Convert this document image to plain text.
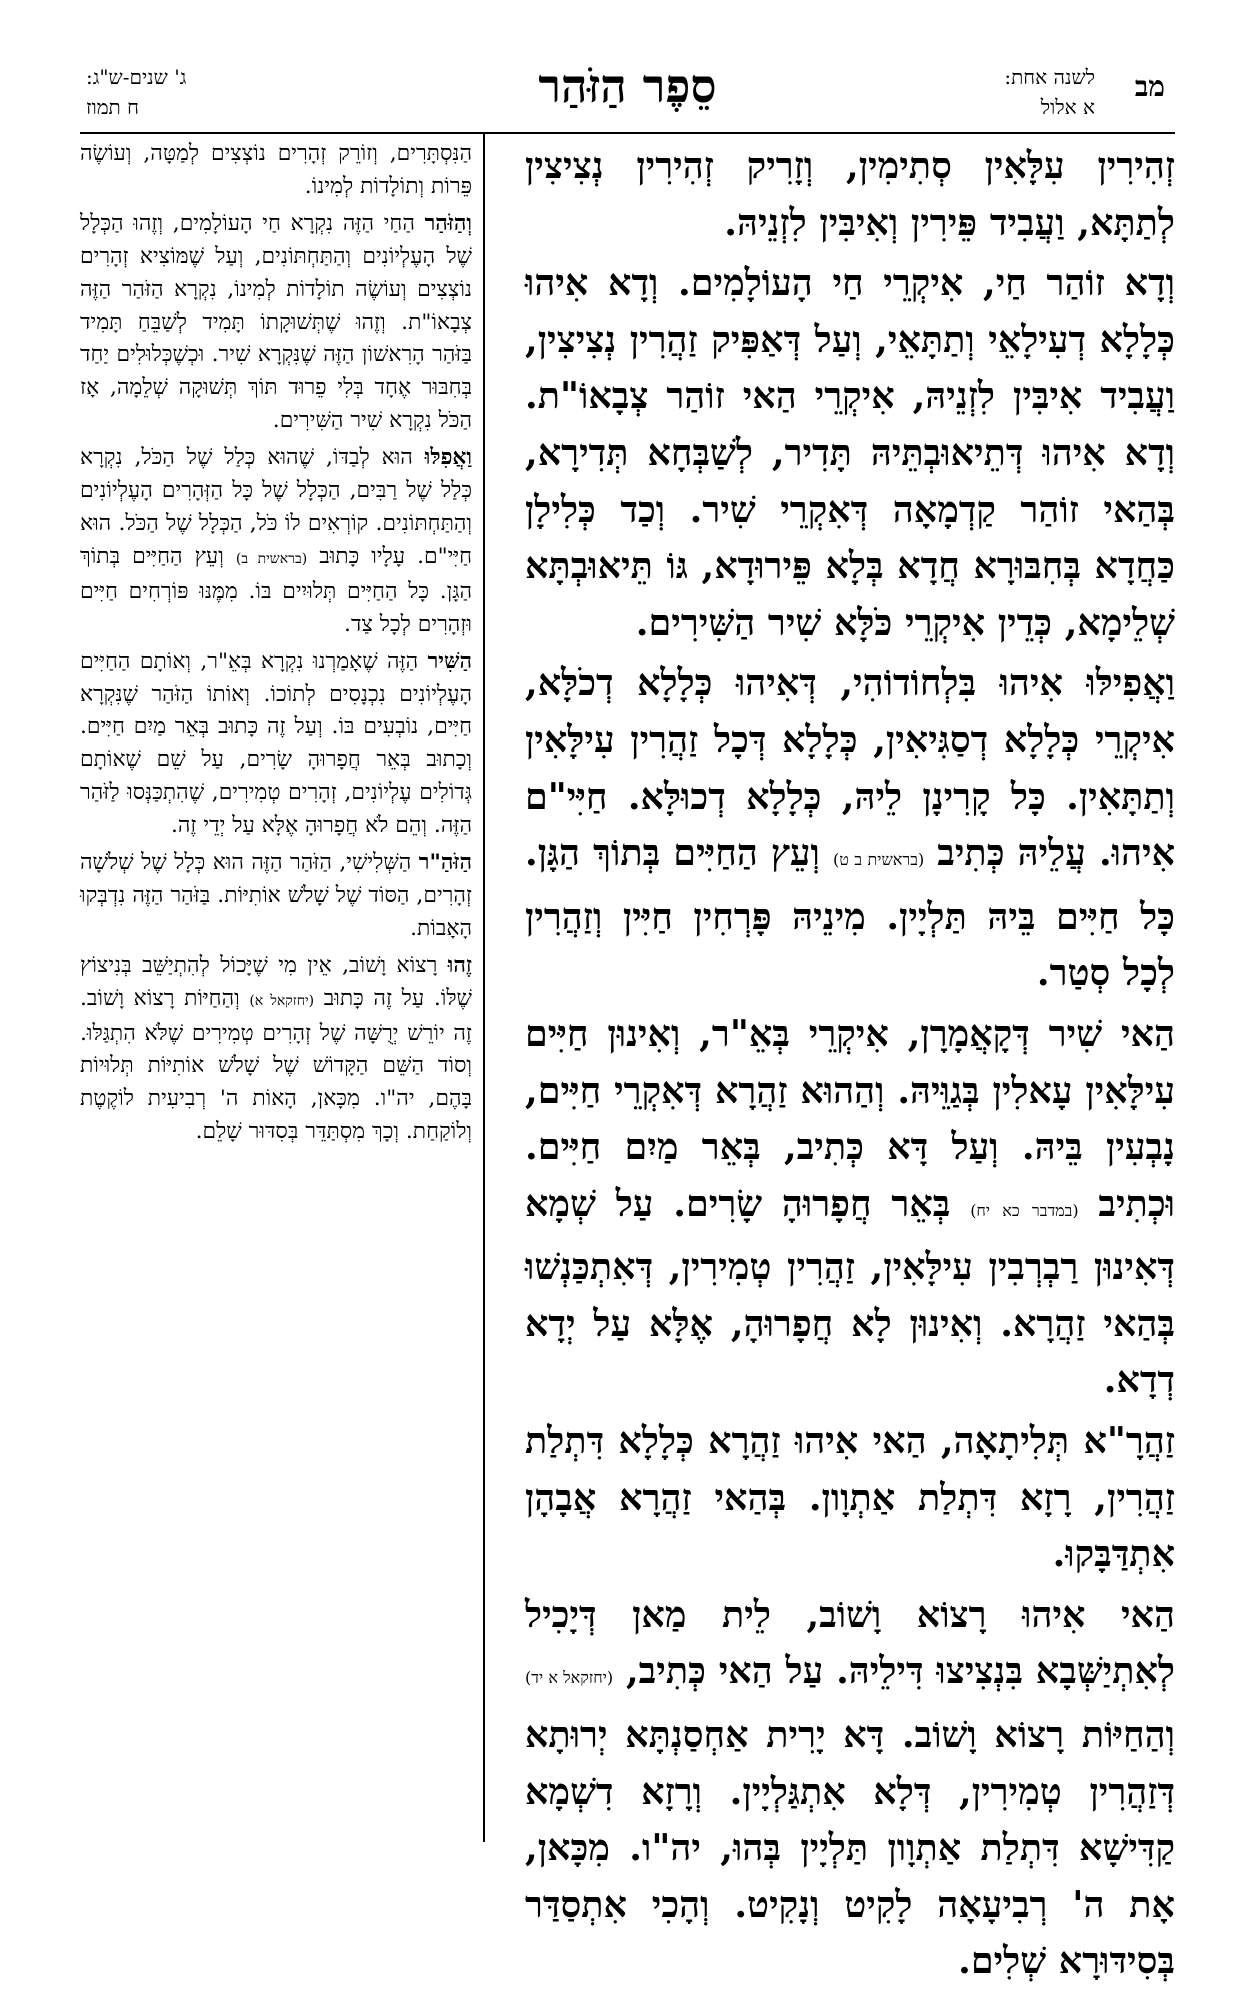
מב
לשנה אחת:
א אלול
סֵפֶר הַזֹּהַר
ג' שנים-ש"ג:
ח תמוז

זְהִירִין עִלָּאִין סְתִימִין, וְזָרִיק זְהִירִין נְצִיצִין לְתַתָּא, וַעֲבִיד פֵּירִין וְאִיבִּין לִזְנֵיהּ.

וְדָא זוֹהַר חַי, אִיקְרֵי חַי הָעוֹלָמִים. וְדָא אִיהוּ כְּלָלָא דְעִילָאֵי וְתַתָּאֵי, וְעַל דְּאַפִּיק זַהֲרִין נְצִיצִין, וַעֲבִיד אִיבִּין לִזְנֵיהּ, אִיקְרֵי הַאי זוֹהַר צְבָאוֹ"ת. וְדָא אִיהוּ דְּתֵיאוּבְתֵּיהּ תָּדִיר, לְשַׁבְּחָא תְּדִירָא, בְּהַאי זוֹהַר קַדְמָאָה דְּאִקְרֵי שִׁיר. וְכַד כְּלִילָן כַּחֲדָא בְּחִבּוּרָא חֲדָא בְּלָא פֵּירוּדָא, גּוֹ תֵּיאוּבְתָּא שְׁלֵימָא, כְּדֵין אִיקְרֵי כֹּלָּא שִׁיר הַשִּׁירִים.

וַאֲפִילּוּ אִיהוּ בִּלְחוֹדוֹהִי, דְּאִיהוּ כְּלָלָא דְכֹלָּא, אִיקְרֵי כְּלָלָא דְסַגִּיאִין, כְּלָלָא דְּכָל זַהֲרִין עִילָּאִין וְתַתָּאִין. כָּל קָרִינָן לֵיהּ, כְּלָלָא דְכוּלָּא. חַיִּי"ם אִיהוּ. עֲלֵיהּ כְּתִיב (בראשית ב ט) וְעֵץ הַחַיִּים בְּתוֹךְ הַגָּן. כָּל חַיִּים בֵּיהּ תַּלְיָין. מִינֵיהּ פָּרְחִין חַיִּין וְזַהֲרִין לְכָל סְטַר.

הַאי שִׁיר דְּקָאֲמָרָן, אִיקְרֵי בְּאֵ"ר, וְאִינוּן חַיִּים עִילָּאִין עָאלִין בְּגַוֵּיהּ. וְהַהוּא זַהֲרָא דְּאִקְרֵי חַיִּים, נָבְעִין בֵּיהּ. וְעַל דָּא כְּתִיב, בְּאֵר מַיִם חַיִּים. וּכְתִיב (במדבר כא יח) בְּאֵר חֲפָרוּהָ שָׂרִים. עַל שְׁמָא דְּאִינוּן רַבְרְבִין עִילָּאִין, זַהֲרִין טְמִירִין, דְּאִתְכַּנְשׁוּ בְּהַאי זַהֲרָא. וְאִינוּן לָא חֲפָרוּהָ, אֶלָּא עַל יְדָא דְדָא.

זַהֲרָ"א תְּלִיתָאָה, הַאי אִיהוּ זַהֲרָא כְּלָלָא דִּתְלַת זַהֲרִין, רָזָא דִּתְלַת אַתְוָון. בְּהַאי זַהֲרָא אֲבָהָן אִתְדַּבָּקוּ.

הַאי אִיהוּ רָצוֹא וָשׁוֹב, לֵית מַאן דְּיָכִיל לְאִתְיַשְּׁבָא בִּנְצִיצוּ דִּילֵיהּ. עַל הַאי כְּתִיב, (יחזקאל א יד) וְהַחַיּוֹת רָצוֹא וָשׁוֹב. דָּא יָרִית אַחְסַנְתָּא יְרוּתָא דְּזַהֲרִין טְמִירִין, דְּלָא אִתְגַּלְיָין. וְרָזָא דִשְׁמָא קַדִּישָׁא דִּתְלַת אַתְוָון תַּלְיָין בְּהוּ, יה"ו. מִכָּאן, אָת ה' רְבִיעָאָה לָקִיט וְנָקִיט. וְהָכִי אִתְסַדַּר בְּסִידּוּרָא שְׁלִים.

הַנִּסְתָּרִים, וְזוֹרֵק זְהָרִים נוֹצְצִים לְמַטָּה, וְעוֹשֶׂה פֵּרוֹת וְתוֹלָדוֹת לְמִינוֹ.

וְהַזֹּהַר הַחַי הַזֶּה נִקְרָא חַי הָעוֹלָמִים, וְזֶהוּ הַכְּלָל שֶׁל הָעֶלְיוֹנִים וְהַתַּחְתּוֹנִים, וְעַל שֶׁמּוֹצִיא זְהָרִים נוֹצְצִים וְעוֹשֶׂה תוֹלָדוֹת לְמִינוֹ, נִקְרָא הַזֹּהַר הַזֶּה צְבָאוֹ"ת. וְזֶהוּ שֶׁתְּשׁוּקָתוֹ תָּמִיד לְשַׁבֵּחַ תָּמִיד בַּזֹּהַר הָרִאשׁוֹן הַזֶּה שֶׁנִּקְרָא שִׁיר. וּכְשֶׁכְּלוּלִים יַחַד בְּחִבּוּר אֶחָד בְּלִי פֵרוּד תּוֹךְ תְּשׁוּקָה שְׁלֵמָה, אָז הַכֹּל נִקְרָא שִׁיר הַשִּׁירִים.

וַאֲפִלּוּ הוּא לְבַדּוֹ, שֶׁהוּא כְּלַל שֶׁל הַכֹּל, נִקְרָא כְּלַל שֶׁל רַבִּים, הַכְּלָל שֶׁל כָּל הַזְּהָרִים הָעֶלְיוֹנִים וְהַתַּחְתּוֹנִים. קוֹרְאִים לוֹ כֹּל, הַכְּלָל שֶׁל הַכֹּל. הוּא חַיִּי"ם. עָלָיו כָּתוּב (בראשית ב) וְעֵץ הַחַיִּים בְּתוֹךְ הַגָּן. כָּל הַחַיִּים תְּלוּיִים בּוֹ. מִמֶּנּוּ פּוֹרְחִים חַיִּים וּזְהָרִים לְכָל צַד.

הַשִּׁיר הַזֶּה שֶׁאָמַרְנוּ נִקְרָא בְּאֵ"ר, וְאוֹתָם הַחַיִּים הָעֶלְיוֹנִים נִכְנָסִים לְתוֹכוֹ. וְאוֹתוֹ הַזֹּהַר שֶׁנִּקְרָא חַיִּים, נוֹבְעִים בּוֹ. וְעַל זֶה כָּתוּב בְּאֵר מַיִם חַיִּים. וְכָתוּב בְּאֵר חֲפָרוּהָ שָׂרִים, עַל שֵׁם שֶׁאוֹתָם גְּדוֹלִים עֶלְיוֹנִים, זְהָרִים טְמִירִים, שֶׁהִתְכַּנְּסוּ לַזֹּהַר הַזֶּה. וְהֵם לֹא חֲפָרוּהָ אֶלָּא עַל יְדֵי זֶה.

הַזֹּהַ"ר הַשְּׁלִישִׁי, הַזֹּהַר הַזֶּה הוּא כְּלָל שֶׁל שְׁלֹשָׁה זְהָרִים, הַסּוֹד שֶׁל שָׁלֹשׁ אוֹתִיּוֹת. בַּזֹּהַר הַזֶּה נִדְבְּקוּ הָאָבוֹת.

זֶהוּ רָצוֹא וָשׁוֹב, אֵין מִי שֶׁיָּכוֹל לְהִתְיַשֵּׁב בְּנִיצוֹץ שֶׁלּוֹ. עַל זֶה כָּתוּב (יחזקאל א) וְהַחַיּוֹת רָצוֹא וָשׁוֹב. זֶה יוֹרֵשׁ יְרֻשָּׁה שֶׁל זְהָרִים טְמִירִים שֶׁלֹּא הִתְגַּלּוּ. וְסוֹד הַשֵּׁם הַקָּדוֹשׁ שֶׁל שָׁלֹשׁ אוֹתִיּוֹת תְּלוּיוֹת בָּהֶם, יה"ו. מִכָּאן, הָאוֹת ה' רְבִיעִית לוֹקֶטֶת וְלוֹקַחַת. וְכָךְ מִסְתַּדֵּר בְּסִדּוּר שָׁלֵם.
